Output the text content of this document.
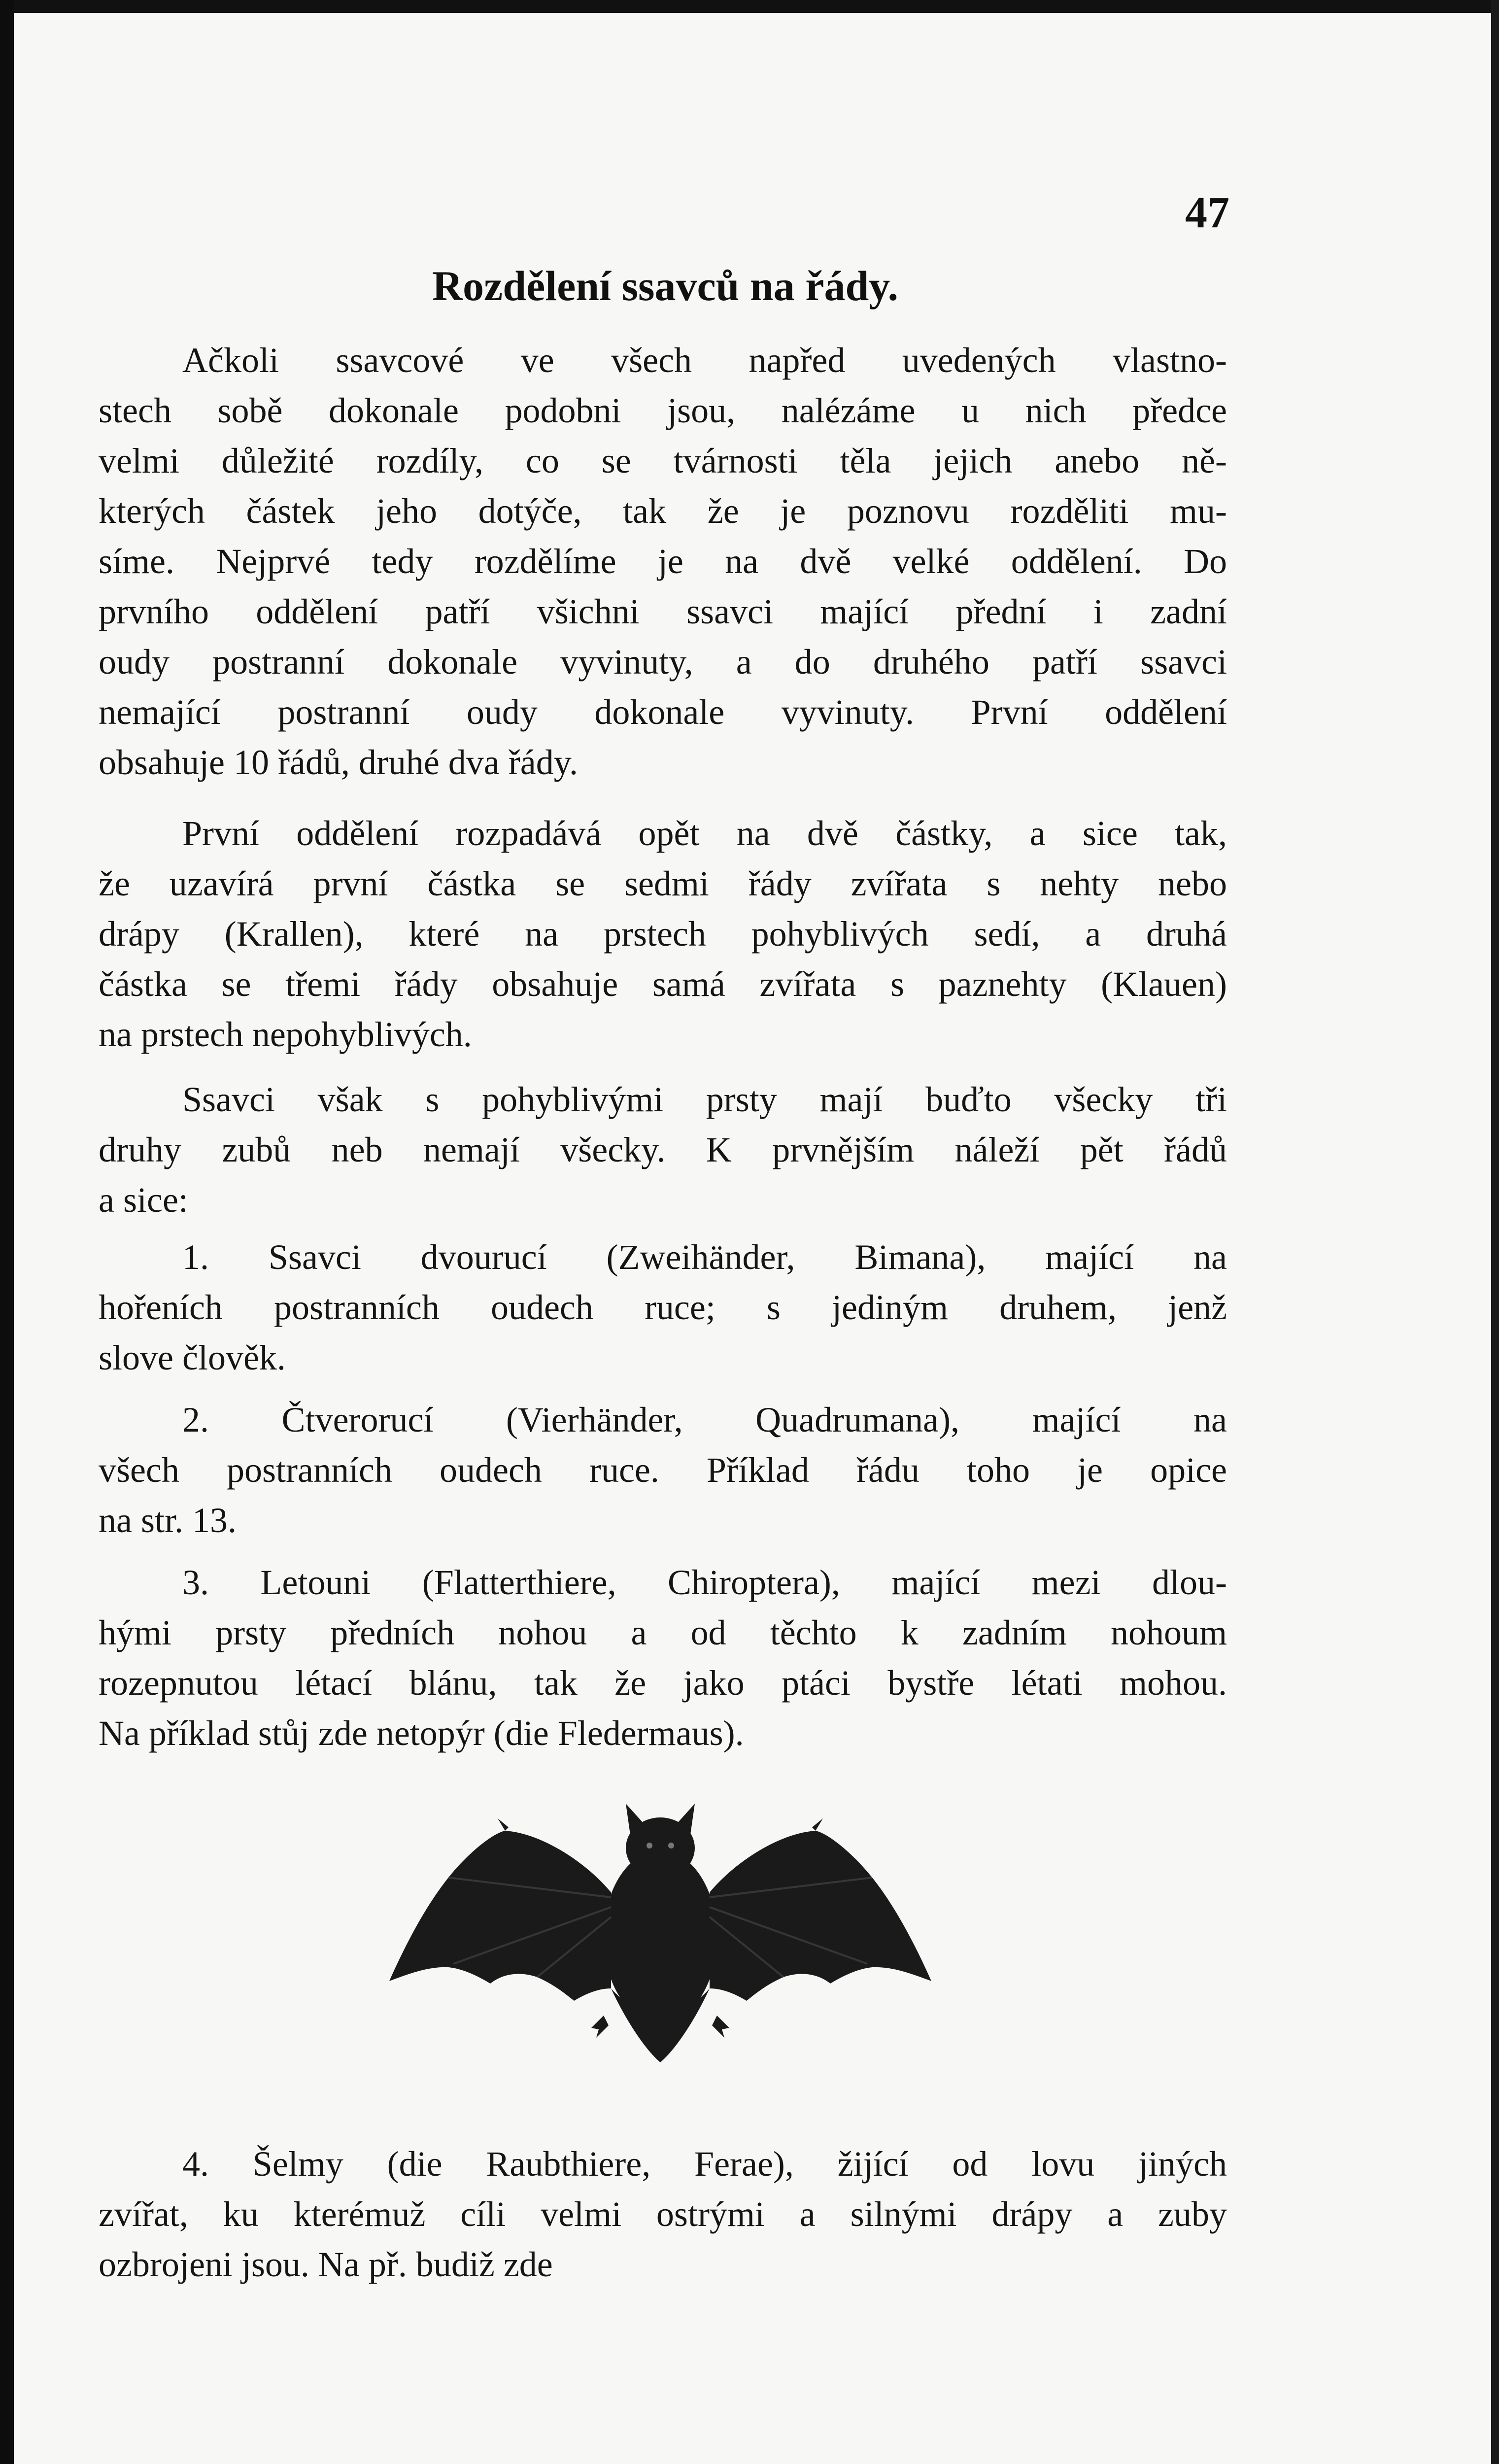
47
Rozdělení ssavců na řády.
Ačkoli ssavcové ve všech napřed uvedených vlastno-
stech sobě dokonale podobni jsou, nalézáme u nich předce
velmi důležité rozdíly, co se tvárnosti těla jejich anebo ně-
kterých částek jeho dotýče, tak že je poznovu rozděliti mu-
síme. Nejprvé tedy rozdělíme je na dvě velké oddělení. Do
prvního oddělení patří všichni ssavci mající přední i zadní
oudy postranní dokonale vyvinuty, a do druhého patří ssavci
nemající postranní oudy dokonale vyvinuty. První oddělení
obsahuje 10 řádů, druhé dva řády.
První oddělení rozpadává opět na dvě částky, a sice tak,
že uzavírá první částka se sedmi řády zvířata s nehty nebo
drápy (Krallen), které na prstech pohyblivých sedí, a druhá
částka se třemi řády obsahuje samá zvířata s paznehty (Klauen)
na prstech nepohyblivých.
Ssavci však s pohyblivými prsty mají buďto všecky tři
druhy zubů neb nemají všecky. K prvnějším náleží pět řádů
a sice:
1. Ssavci dvourucí (Zweihänder, Bimana), mající na
hořeních postranních oudech ruce; s jediným druhem, jenž
slove člověk.
2. Čtverorucí (Vierhänder, Quadrumana), mající na
všech postranních oudech ruce. Příklad řádu toho je opice
na str. 13.
3. Letouni (Flatterthiere, Chiroptera), mající mezi dlou-
hými prsty předních nohou a od těchto k zadním nohoum
rozepnutou létací blánu, tak že jako ptáci bystře létati mohou.
Na příklad stůj zde netopýr (die Fledermaus).
4. Šelmy (die Raubthiere, Ferae), žijící od lovu jiných
zvířat, ku kterémuž cíli velmi ostrými a silnými drápy a zuby
ozbrojeni jsou. Na př. budiž zde
